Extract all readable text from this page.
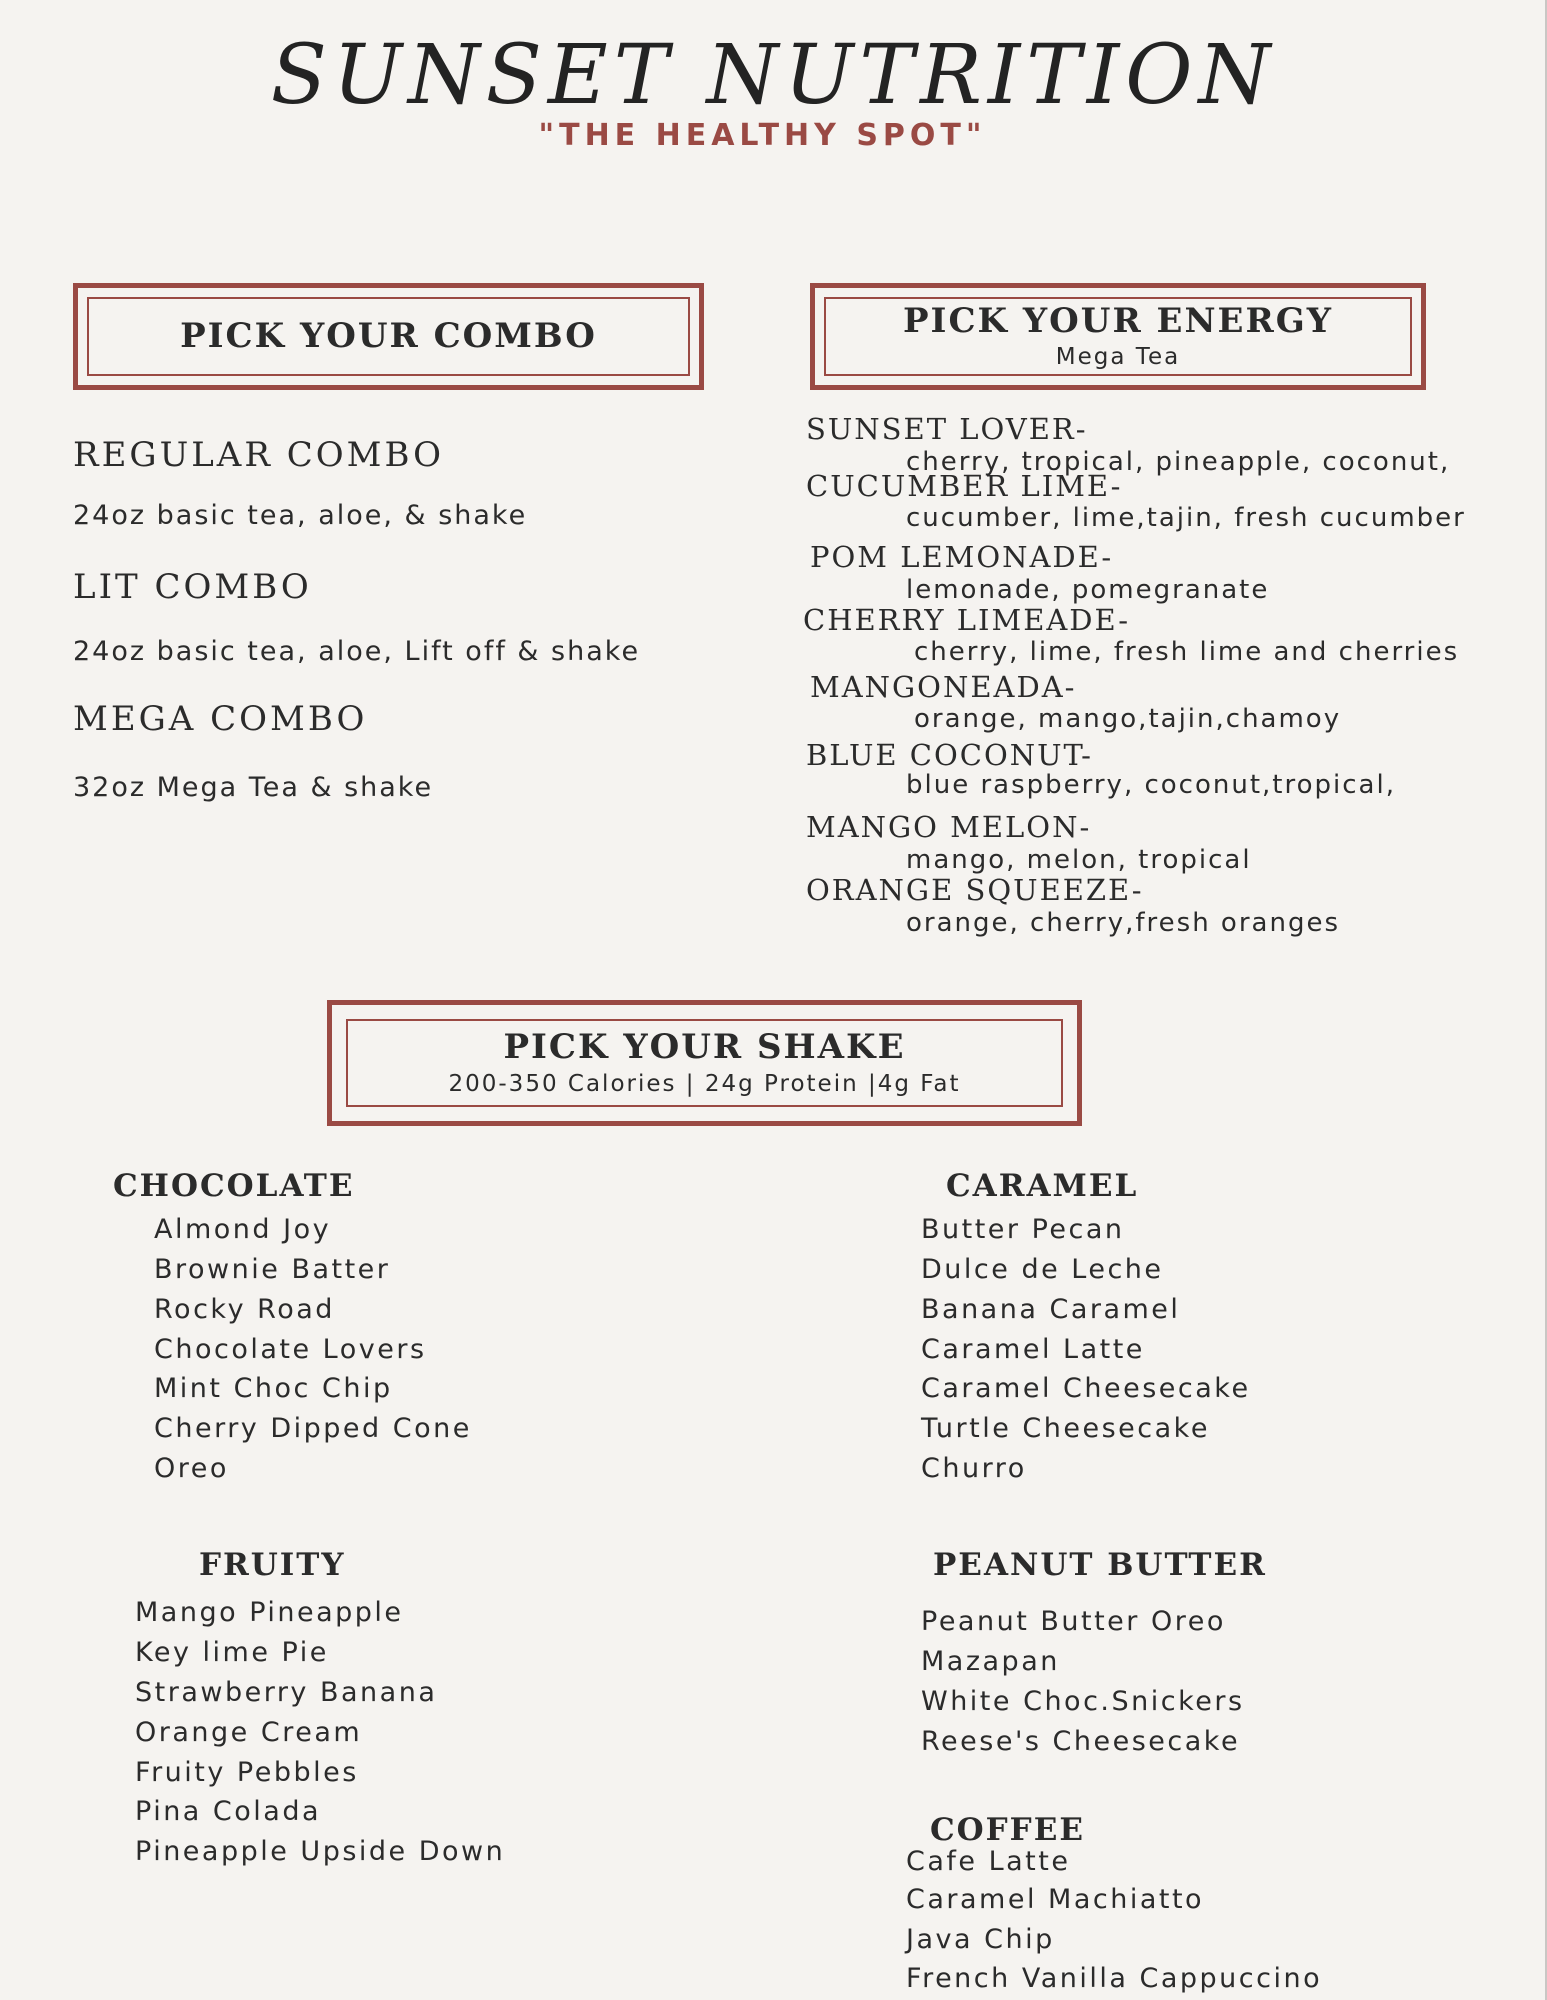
SUNSET NUTRITION
"THE HEALTHY SPOT"
PICK YOUR COMBO
REGULAR COMBO
24oz basic tea, aloe, & shake
LIT COMBO
24oz basic tea, aloe, Lift off & shake
MEGA COMBO
32oz Mega Tea & shake
PICK YOUR ENERGY
Mega Tea
SUNSET LOVER-
cherry, tropical, pineapple, coconut,
CUCUMBER LIME-
cucumber, lime,tajin, fresh cucumber
POM LEMONADE-
lemonade, pomegranate
CHERRY LIMEADE-
cherry, lime, fresh lime and cherries
MANGONEADA-
orange, mango,tajin,chamoy
BLUE COCONUT-
blue raspberry, coconut,tropical,
MANGO MELON-
mango, melon, tropical
ORANGE SQUEEZE-
orange, cherry,fresh oranges
PICK YOUR SHAKE
200-350 Calories | 24g Protein |4g Fat
CHOCOLATE
Almond Joy
Brownie Batter
Rocky Road
Chocolate Lovers
Mint Choc Chip
Cherry Dipped Cone
Oreo
CARAMEL
Butter Pecan
Dulce de Leche
Banana Caramel
Caramel Latte
Caramel Cheesecake
Turtle Cheesecake
Churro
FRUITY
Mango Pineapple
Key lime Pie
Strawberry Banana
Orange Cream
Fruity Pebbles
Pina Colada
Pineapple Upside Down
PEANUT BUTTER
Peanut Butter Oreo
Mazapan
White Choc.Snickers
Reese's Cheesecake
COFFEE
Cafe Latte
Caramel Machiatto
Java Chip
French Vanilla Cappuccino
